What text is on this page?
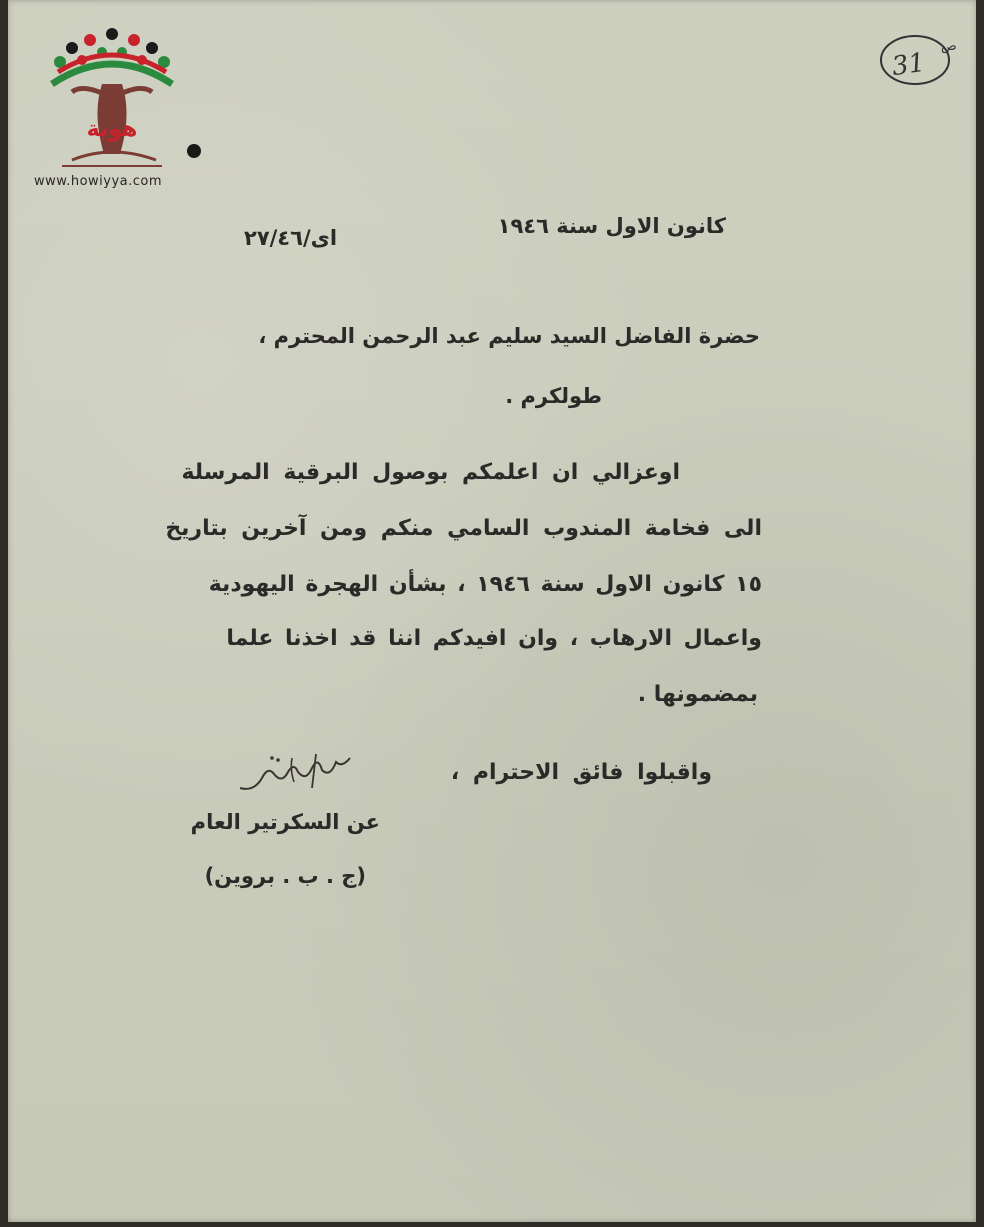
هوية
www.howiyya.com
ص
31
كانون الاول سنة ١٩٤٦
اى/٢٧/٤٦
حضرة الفاضل السيد سليم عبد الرحمن المحترم ،
طولكرم .
اوعزالي ان اعلمكم بوصول البرقية المرسلة
الى فخامة المندوب السامي منكم ومن آخرين بتاريخ
١٥ كانون الاول سنة ١٩٤٦ ، بشأن الهجرة اليهودية
واعمال الارهاب ، وان افيدكم اننا قد اخذنا علما
بمضمونها .
واقبلوا فائق الاحترام ،
عن السكرتير العام
(ج . ب . بروين)
